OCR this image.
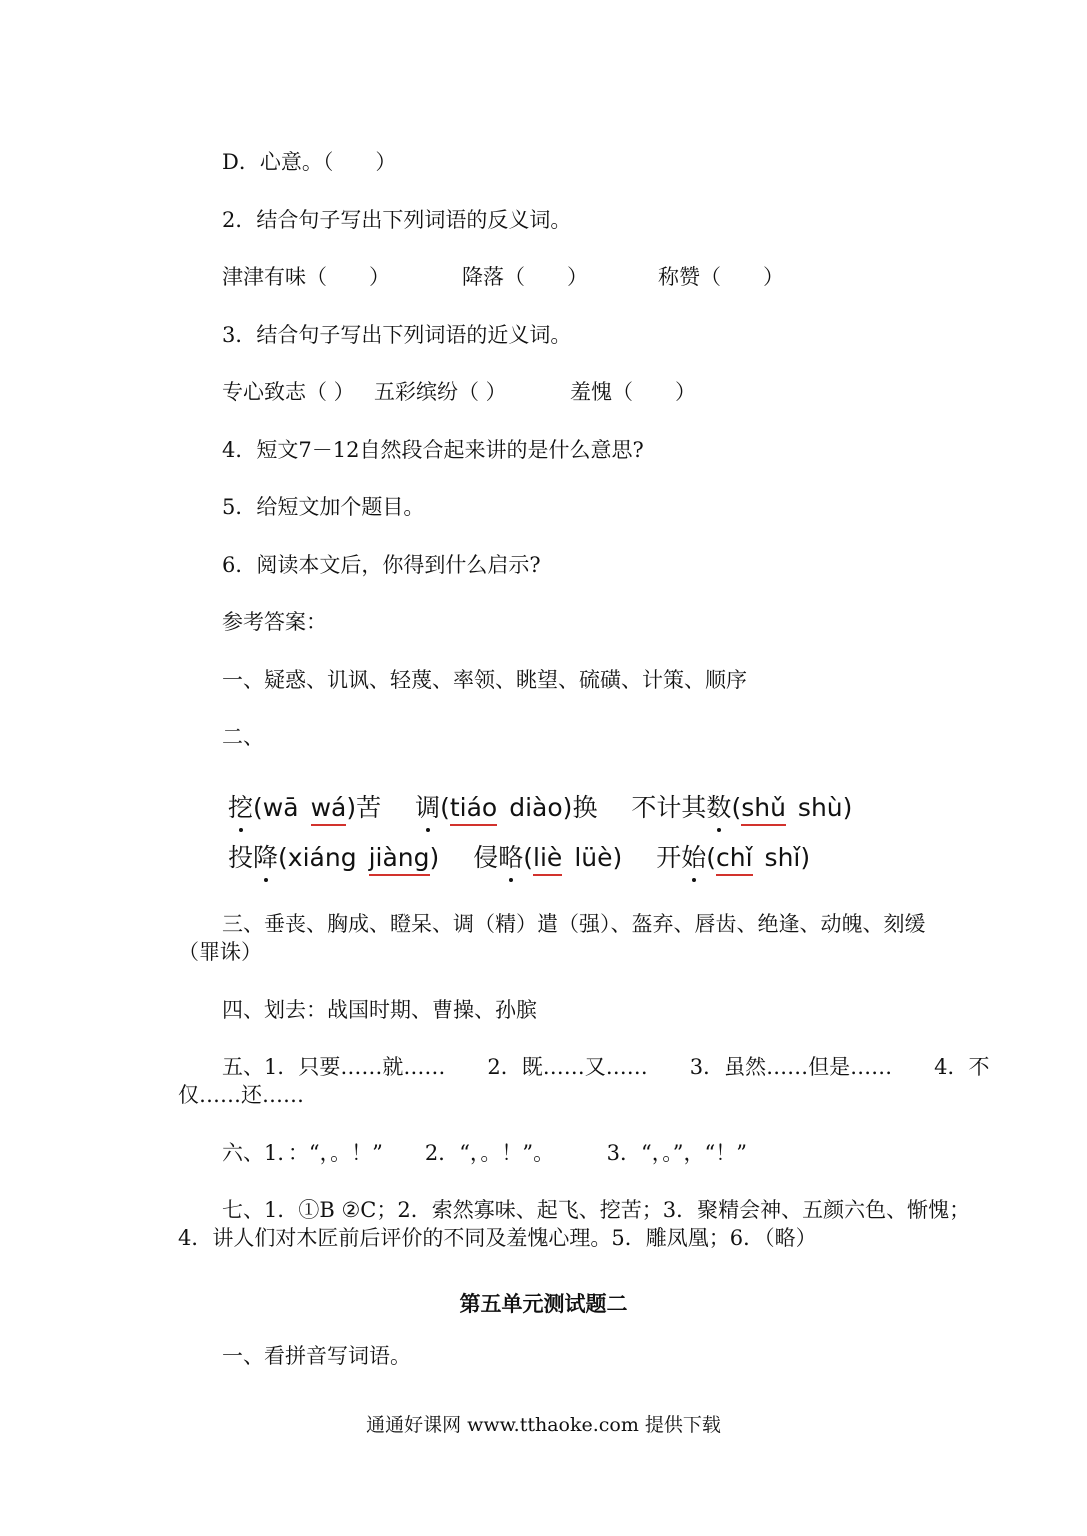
D．心意。（　　）
2．结合句子写出下列词语的反义词。
津津有味（　　）	降落（　　）	称赞（　　）
3．结合句子写出下列词语的近义词。
专心致志（ ） 五彩缤纷（ ）	羞愧（　　）
4．短文7－12自然段合起来讲的是什么意思?
5．给短文加个题目。
6．阅读本文后，你得到什么启示?
参考答案：
一、疑惑、讥讽、轻蔑、率领、眺望、硫磺、计策、顺序
二、
挖(wā wá)苦 调(tiáo diào)换 不计其数(shǔ shù)
投降(xiáng jiàng) 侵略(liè lüè) 开始(chǐ shǐ)
三、垂丧、胸成、瞪呆、调（精）遣（强）、盔弃、唇齿、绝逢、动魄、刻缓
（罪诛）
四、划去：战国时期、曹操、孙膑
五、1．只要……就……　　2．既……又……　　3．虽然……但是……　　4．不
仅……还……
六、1．：“，。！”　　2．“，。！”。　　　3．“，。”，“！”
七、1．①B ②C；2．索然寡味、起飞、挖苦；3．聚精会神、五颜六色、惭愧；
4．讲人们对木匠前后评价的不同及羞愧心理。5．雕凤凰；6．（略）
第五单元测试题二
一、看拼音写词语。
通通好课网 www.tthaoke.com 提供下载
